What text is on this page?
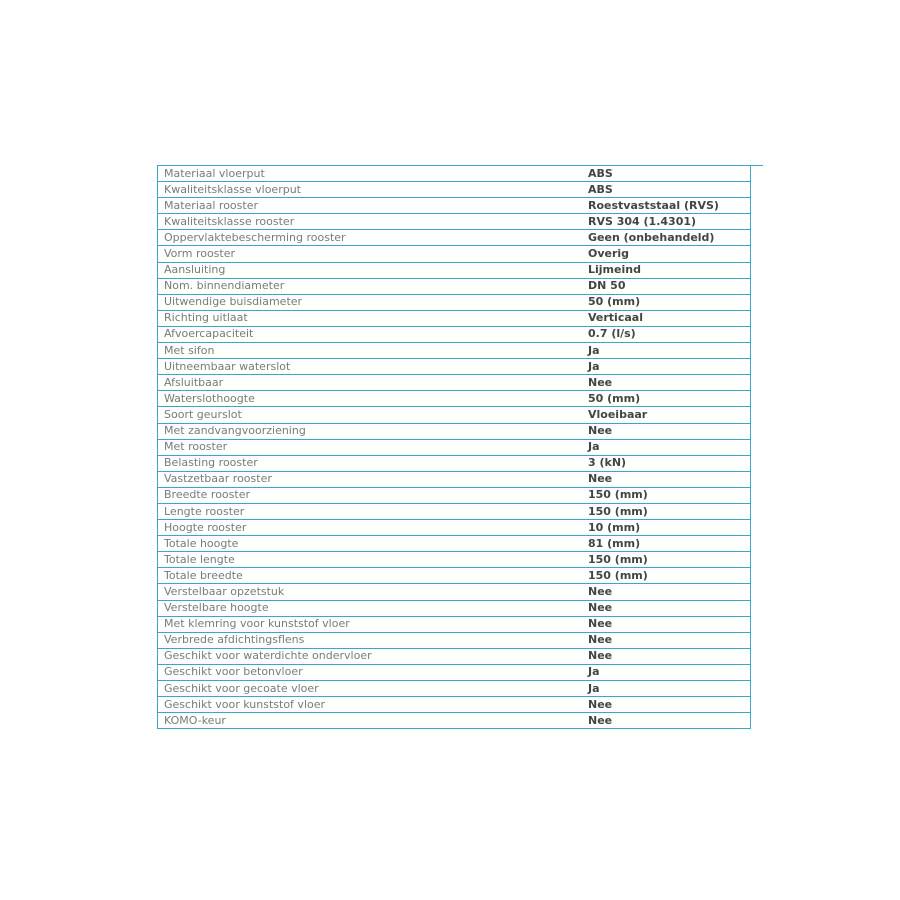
Materiaal vloerput	ABS
Kwaliteitsklasse vloerput	ABS
Materiaal rooster	Roestvaststaal (RVS)
Kwaliteitsklasse rooster	RVS 304 (1.4301)
Oppervlaktebescherming rooster	Geen (onbehandeld)
Vorm rooster	Overig
Aansluiting	Lijmeind
Nom. binnendiameter	DN 50
Uitwendige buisdiameter	50 (mm)
Richting uitlaat	Verticaal
Afvoercapaciteit	0.7 (l/s)
Met sifon	Ja
Uitneembaar waterslot	Ja
Afsluitbaar	Nee
Waterslothoogte	50 (mm)
Soort geurslot	Vloeibaar
Met zandvangvoorziening	Nee
Met rooster	Ja
Belasting rooster	3 (kN)
Vastzetbaar rooster	Nee
Breedte rooster	150 (mm)
Lengte rooster	150 (mm)
Hoogte rooster	10 (mm)
Totale hoogte	81 (mm)
Totale lengte	150 (mm)
Totale breedte	150 (mm)
Verstelbaar opzetstuk	Nee
Verstelbare hoogte	Nee
Met klemring voor kunststof vloer	Nee
Verbrede afdichtingsflens	Nee
Geschikt voor waterdichte ondervloer	Nee
Geschikt voor betonvloer	Ja
Geschikt voor gecoate vloer	Ja
Geschikt voor kunststof vloer	Nee
KOMO-keur	Nee
